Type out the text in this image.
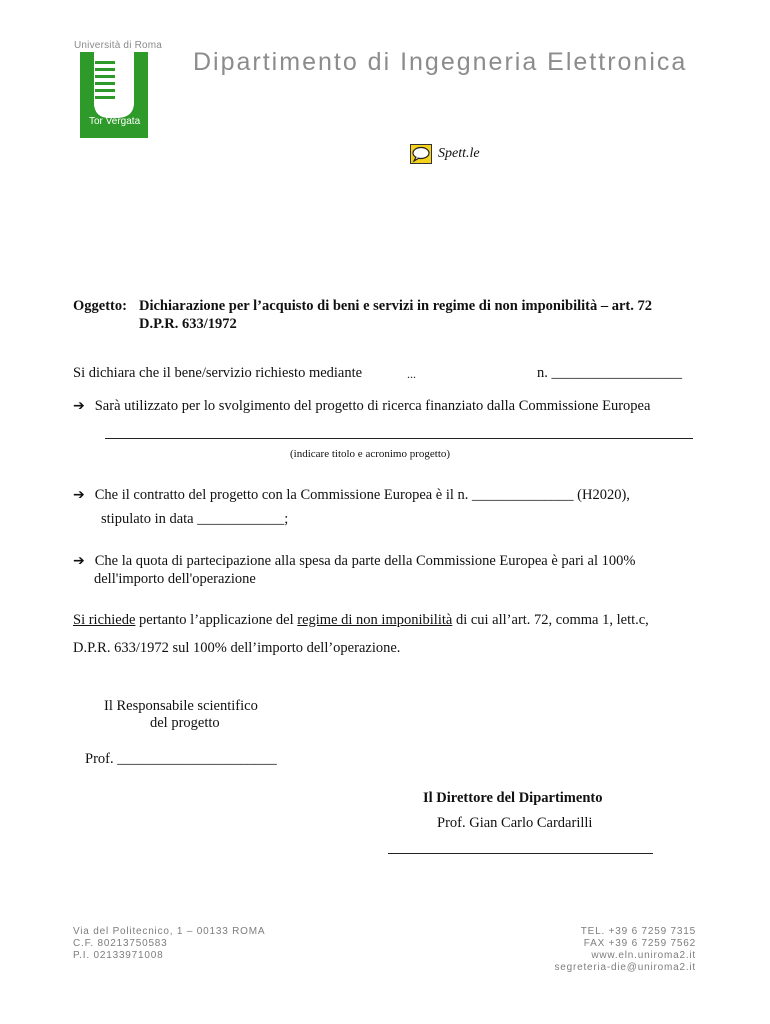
Università di Roma
Tor Vergata
Dipartimento di Ingegneria Elettronica
Spett.le
Oggetto: Dichiarazione per l’acquisto di beni e servizi in regime di non imponibilità – art. 72
D.P.R. 633/1972
Si dichiara che il bene/servizio richiesto mediante	...	n. __________________
➔ Sarà utilizzato per lo svolgimento del progetto di ricerca finanziato dalla Commissione Europea
(indicare titolo e acronimo progetto)
➔ Che il contratto del progetto con la Commissione Europea è il n. ______________ (H2020),
stipulato in data ____________;
➔ Che la quota di partecipazione alla spesa da parte della Commissione Europea è pari al 100%
dell'importo dell'operazione
Si richiede pertanto l’applicazione del regime di non imponibilità di cui all’art. 72, comma 1, lett.c,
D.P.R. 633/1972 sul 100% dell’importo dell’operazione.
Il Responsabile scientifico
del progetto
Prof. ______________________
Il Direttore del Dipartimento
Prof. Gian Carlo Cardarilli
Via del Politecnico, 1 – 00133 ROMA
C.F. 80213750583
P.I. 02133971008
TEL. +39 6 7259 7315
FAX +39 6 7259 7562
www.eln.uniroma2.it
segreteria-die@uniroma2.it
